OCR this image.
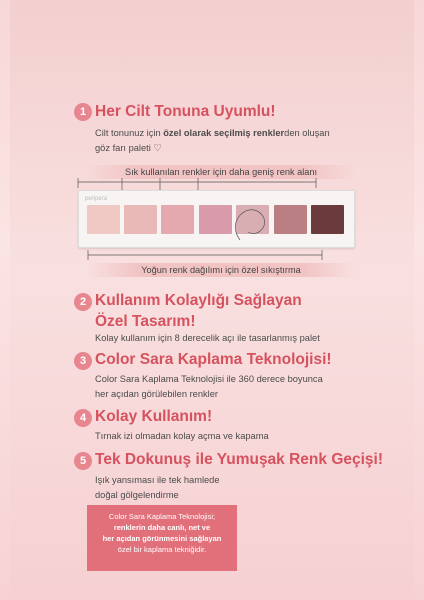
1 Her Cilt Tonuna Uyumlu!
Cilt tonunuz için özel olarak seçilmiş renklerden oluşan
göz farı paleti ♡
Sık kullanılan renkler için daha geniş renk alanı
peripera
Yoğun renk dağılımı için özel sıkıştırma
2 Kullanım Kolaylığı Sağlayan
Özel Tasarım!
Kolay kullanım için 8 derecelik açı ile tasarlanmış palet
3 Color Sara Kaplama Teknolojisi!
Color Sara Kaplama Teknolojisi ile 360 derece boyunca
her açıdan görülebilen renkler
4 Kolay Kullanım!
Tırnak izi olmadan kolay açma ve kapama
5 Tek Dokunuş ile Yumuşak Renk Geçişi!
Işık yansıması ile tek hamlede
doğal gölgelendirme
Color Sara Kaplama Teknolojisi;
renklerin daha canlı, net ve
her açıdan görünmesini sağlayan
özel bir kaplama tekniğidir.
